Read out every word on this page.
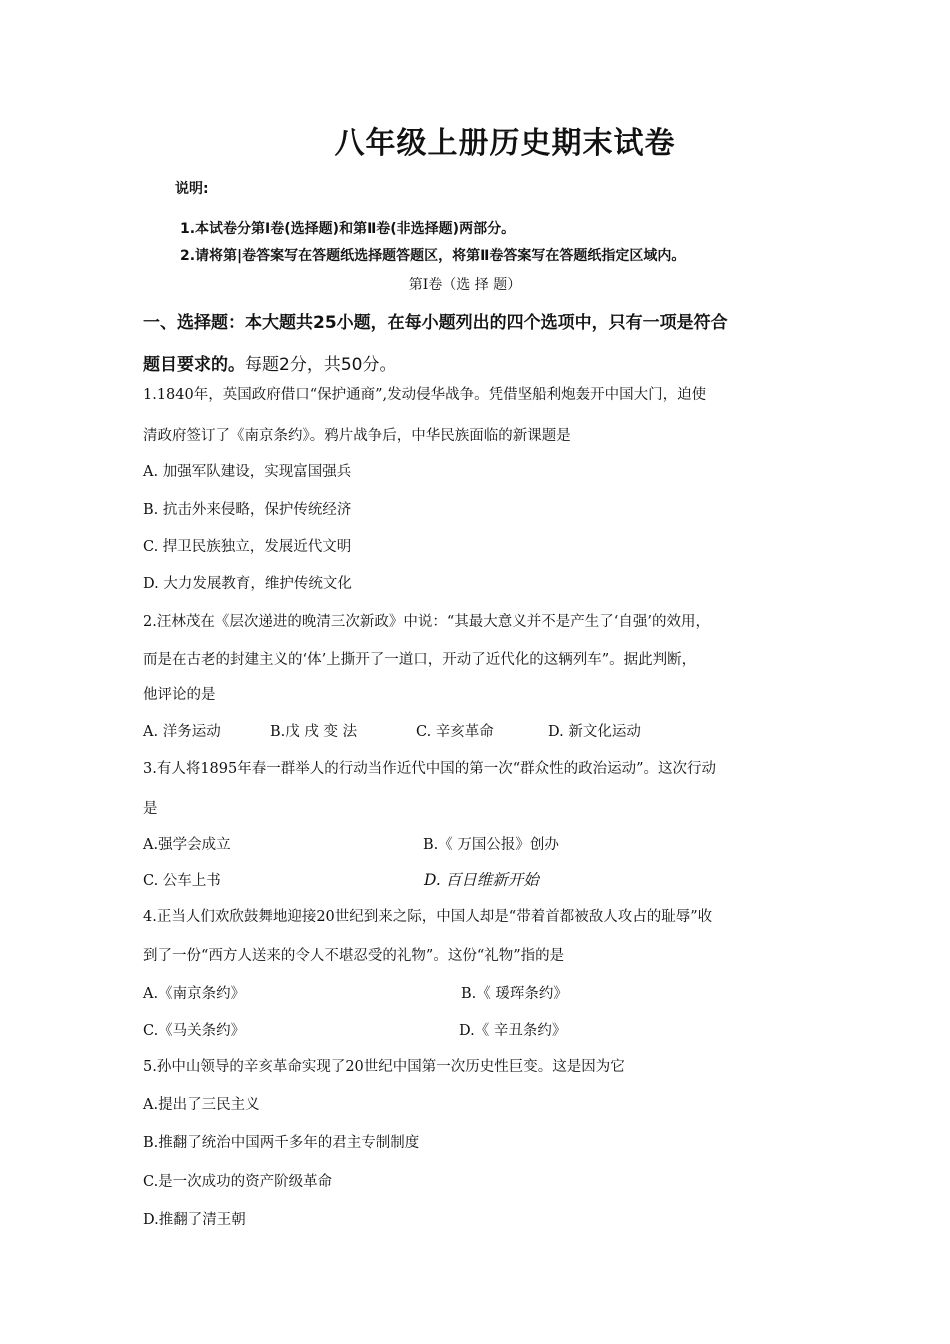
八年级上册历史期末试卷
说明:
1.本试卷分第Ⅰ卷(选择题)和第Ⅱ卷(非选择题)两部分。
2.请将第|卷答案写在答题纸选择题答题区，将第Ⅱ卷答案写在答题纸指定区域内。
第Ⅰ卷（选 择 题）
一、选择题：本大题共25小题，在每小题列出的四个选项中，只有一项是符合
题目要求的。每题2分，共50分。
1.1840年，英国政府借口“保护通商”,发动侵华战争。凭借坚船利炮轰开中国大门，迫使
清政府签订了《南京条约》。鸦片战争后，中华民族面临的新课题是
A. 加强军队建设，实现富国强兵
B. 抗击外来侵略，保护传统经济
C. 捍卫民族独立，发展近代文明
D. 大力发展教育，维护传统文化
2.汪林茂在《层次递进的晚清三次新政》中说：“其最大意义并不是产生了‘自强’的效用，
而是在古老的封建主义的‘体’上撕开了一道口，开动了近代化的这辆列车”。据此判断，
他评论的是
A. 洋务运动	B.戊 戌 变 法	C. 辛亥革命	D. 新文化运动
3.有人将1895年春一群举人的行动当作近代中国的第一次“群众性的政治运动”。这次行动
是
A.强学会成立	B.《 万国公报》创办
C. 公车上书	D. 百日维新开始
4.正当人们欢欣鼓舞地迎接20世纪到来之际，中国人却是“带着首都被敌人攻占的耻辱”收
到了一份“西方人送来的令人不堪忍受的礼物”。这份“礼物”指的是
A.《南京条约》	B.《 瑗珲条约》
C.《马关条约》	D.《 辛丑条约》
5.孙中山领导的辛亥革命实现了20世纪中国第一次历史性巨变。这是因为它
A.提出了三民主义
B.推翻了统治中国两千多年的君主专制制度
C.是一次成功的资产阶级革命
D.推翻了清王朝
